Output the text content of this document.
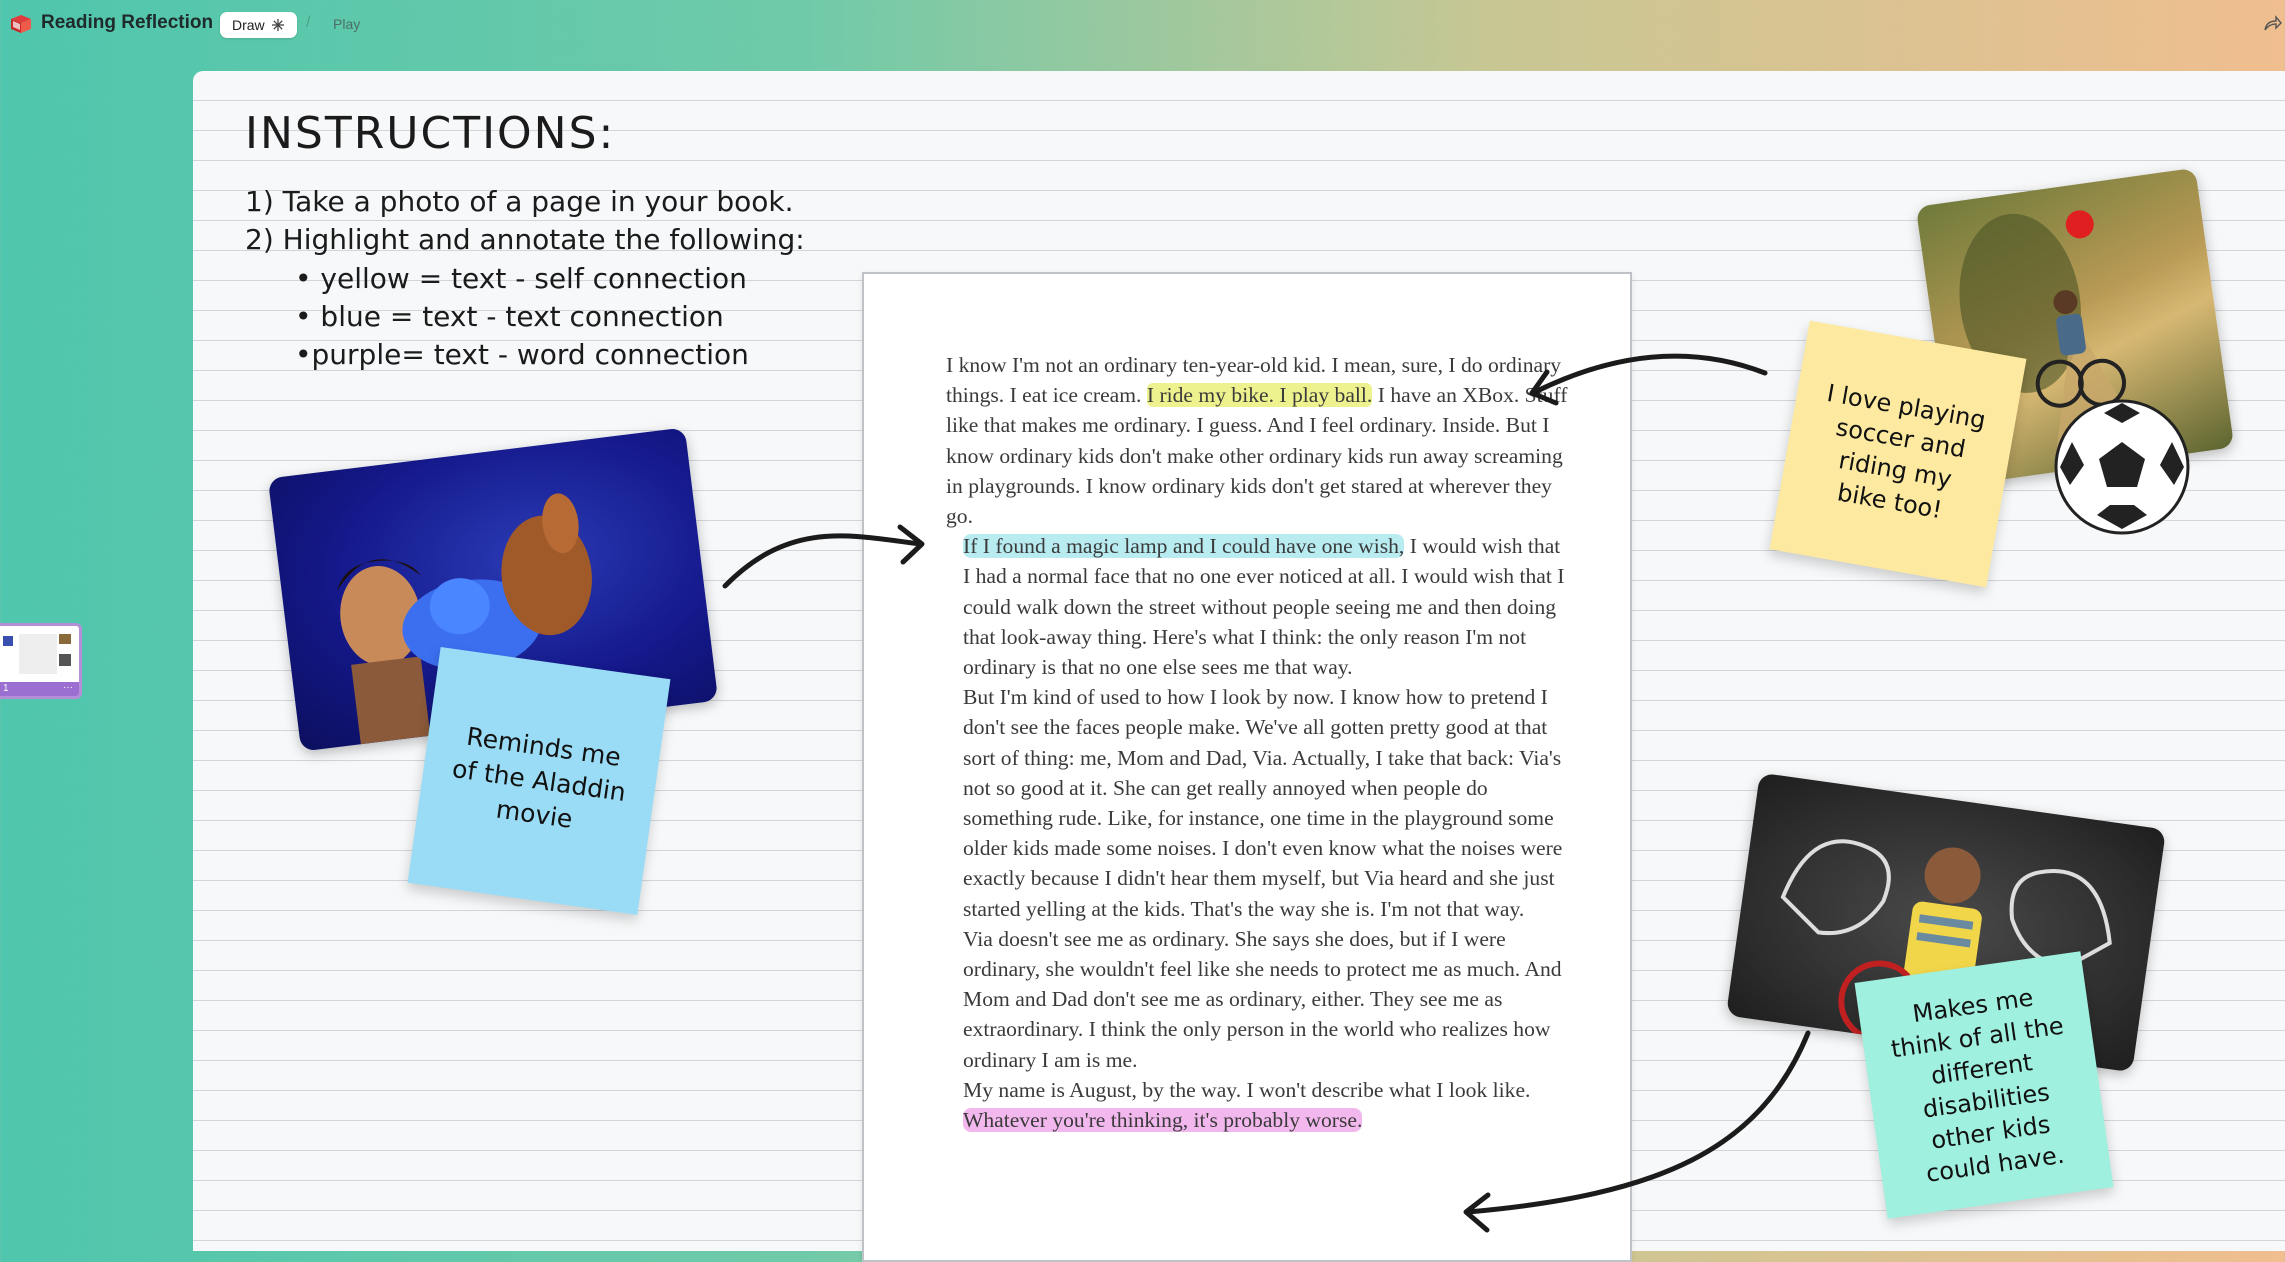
Reading Reflection Draw	/ Play
1	···
INSTRUCTIONS:
1) Take a photo of a page in your book.
2) Highlight and annotate the following:
• yellow = text - self connection
• blue = text - text connection
•purple= text - word connection	I know I'm not an ordinary ten-year-old kid. I mean, sure, I do ordinary things. I eat ice cream. I ride my bike. I play ball. I have an XBox. Stuff like that makes me ordinary. I guess. And I feel ordinary. Inside. But I know ordinary kids don't make other ordinary kids run away screaming in playgrounds. I know ordinary kids don't get stared at wherever they go.

If I found a magic lamp and I could have one wish, I would wish that I had a normal face that no one ever noticed at all. I would wish that I could walk down the street without people seeing me and then doing that look-away thing. Here's what I think: the only reason I'm not ordinary is that no one else sees me that way.

But I'm kind of used to how I look by now. I know how to pretend I don't see the faces people make. We've all gotten pretty good at that sort of thing: me, Mom and Dad, Via. Actually, I take that back: Via's not so good at it. She can get really annoyed when people do something rude. Like, for instance, one time in the playground some older kids made some noises. I don't even know what the noises were exactly because I didn't hear them myself, but Via heard and she just started yelling at the kids. That's the way she is. I'm not that way.

Via doesn't see me as ordinary. She says she does, but if I were ordinary, she wouldn't feel like she needs to protect me as much. And Mom and Dad don't see me as ordinary, either. They see me as extraordinary. I think the only person in the world who realizes how ordinary I am is me.

My name is August, by the way. I won't describe what I look like. Whatever you're thinking, it's probably worse.

Reminds me of the Aladdin movie
I love playing soccer and riding my bike too!
Makes me think of all the different disabilities other kids could have.
